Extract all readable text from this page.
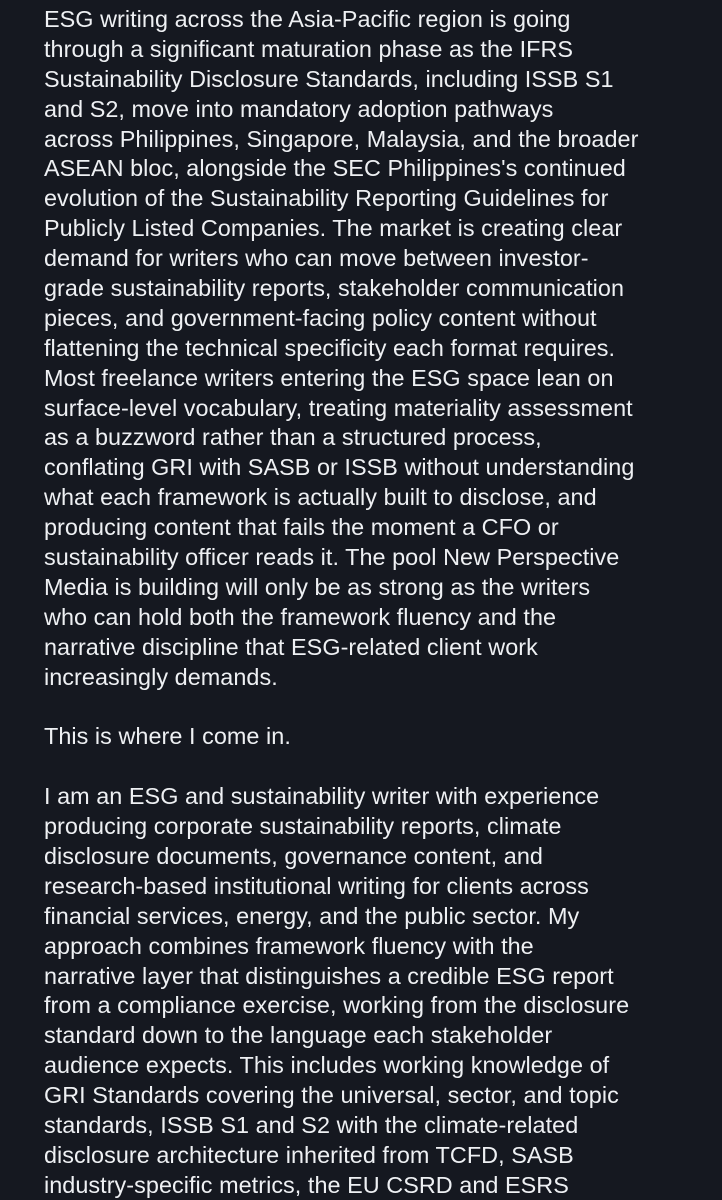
ESG writing across the Asia-Pacific region is going
through a significant maturation phase as the IFRS
Sustainability Disclosure Standards, including ISSB S1
and S2, move into mandatory adoption pathways
across Philippines, Singapore, Malaysia, and the broader
ASEAN bloc, alongside the SEC Philippines's continued
evolution of the Sustainability Reporting Guidelines for
Publicly Listed Companies. The market is creating clear
demand for writers who can move between investor-
grade sustainability reports, stakeholder communication
pieces, and government-facing policy content without
flattening the technical specificity each format requires.
Most freelance writers entering the ESG space lean on
surface-level vocabulary, treating materiality assessment
as a buzzword rather than a structured process,
conflating GRI with SASB or ISSB without understanding
what each framework is actually built to disclose, and
producing content that fails the moment a CFO or
sustainability officer reads it. The pool New Perspective
Media is building will only be as strong as the writers
who can hold both the framework fluency and the
narrative discipline that ESG-related client work
increasingly demands.
This is where I come in.
I am an ESG and sustainability writer with experience
producing corporate sustainability reports, climate
disclosure documents, governance content, and
research-based institutional writing for clients across
financial services, energy, and the public sector. My
approach combines framework fluency with the
narrative layer that distinguishes a credible ESG report
from a compliance exercise, working from the disclosure
standard down to the language each stakeholder
audience expects. This includes working knowledge of
GRI Standards covering the universal, sector, and topic
standards, ISSB S1 and S2 with the climate-related
disclosure architecture inherited from TCFD, SASB
industry-specific metrics, the EU CSRD and ESRS
